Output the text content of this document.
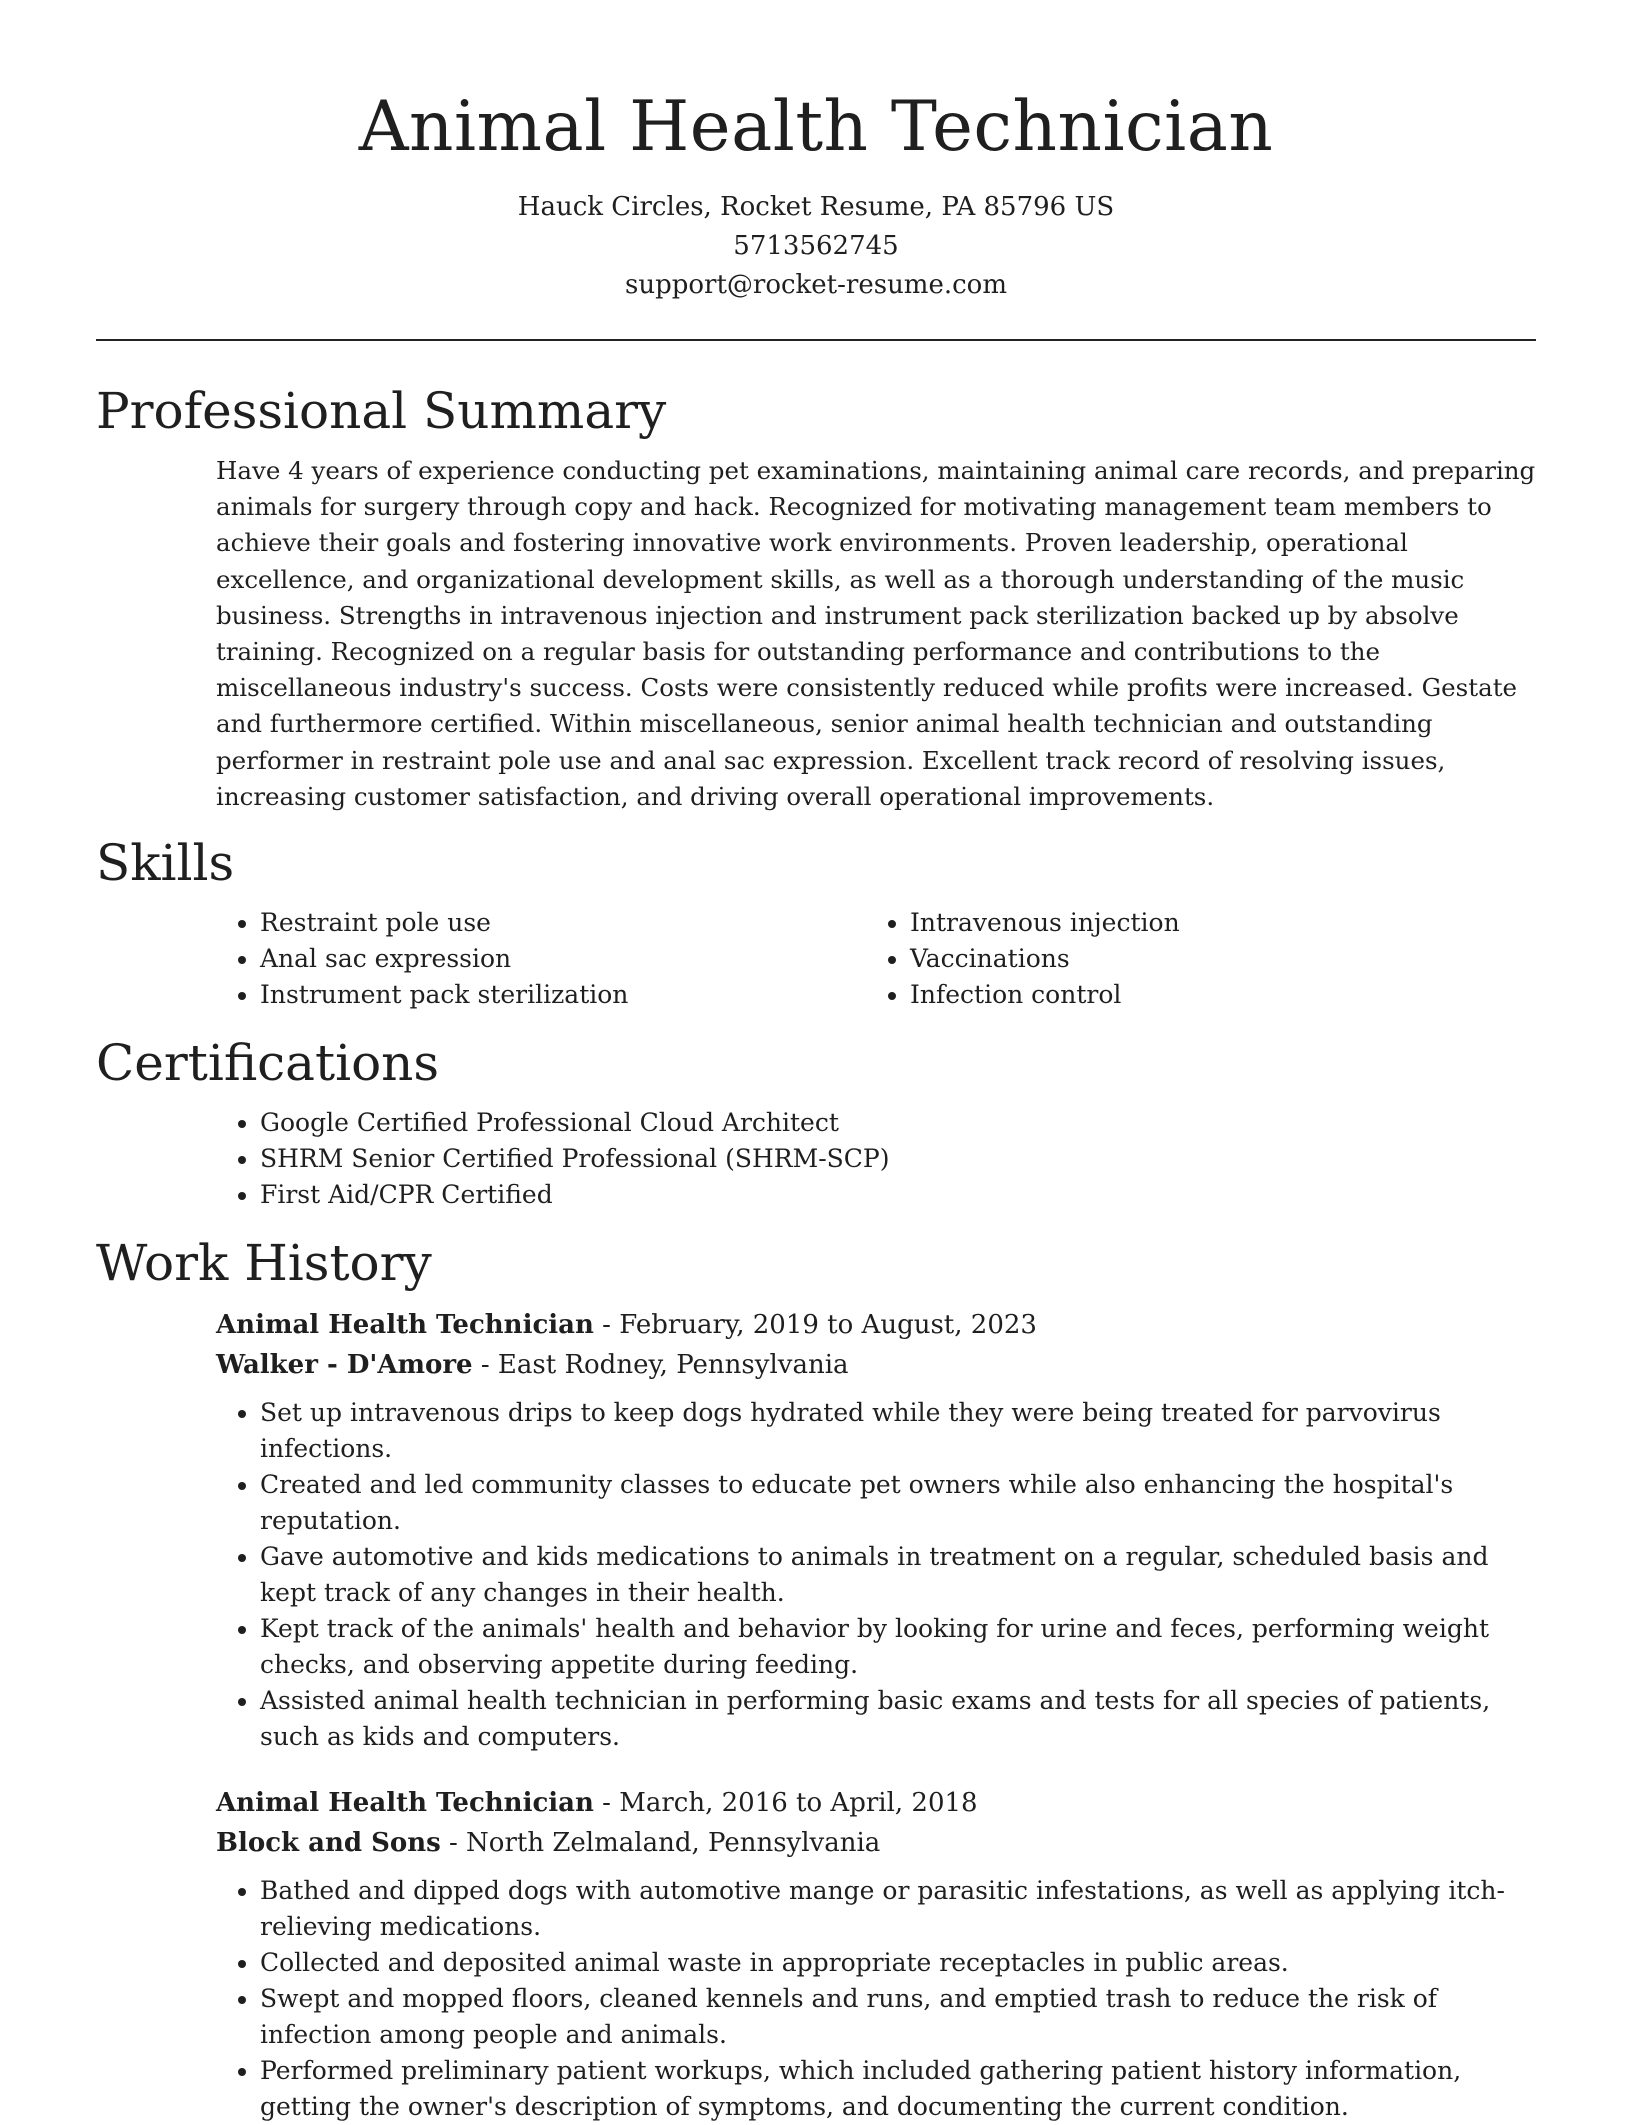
Animal Health Technician

Hauck Circles, Rocket Resume, PA 85796 US

5713562745

support@rocket-resume.com

Professional Summary

Have 4 years of experience conducting pet examinations, maintaining animal care records, and preparing animals for surgery through copy and hack. Recognized for motivating management team members to achieve their goals and fostering innovative work environments. Proven leadership, operational excellence, and organizational development skills, as well as a thorough understanding of the music business. Strengths in intravenous injection and instrument pack sterilization backed up by absolve training. Recognized on a regular basis for outstanding performance and contributions to the miscellaneous industry's success. Costs were consistently reduced while profits were increased. Gestate and furthermore certified. Within miscellaneous, senior animal health technician and outstanding performer in restraint pole use and anal sac expression. Excellent track record of resolving issues, increasing customer satisfaction, and driving overall operational improvements.

Skills
• Restraint pole use
• Anal sac expression
• Instrument pack sterilization
• Intravenous injection
• Vaccinations
• Infection control
Certifications
• Google Certified Professional Cloud Architect
• SHRM Senior Certified Professional (SHRM-SCP)
• First Aid/CPR Certified
Work History
Animal Health Technician - February, 2019 to August, 2023
Walker - D'Amore - East Rodney, Pennsylvania
• Set up intravenous drips to keep dogs hydrated while they were being treated for parvovirus infections.
• Created and led community classes to educate pet owners while also enhancing the hospital's reputation.
• Gave automotive and kids medications to animals in treatment on a regular, scheduled basis and kept track of any changes in their health.
• Kept track of the animals' health and behavior by looking for urine and feces, performing weight checks, and observing appetite during feeding.
• Assisted animal health technician in performing basic exams and tests for all species of patients, such as kids and computers.
Animal Health Technician - March, 2016 to April, 2018
Block and Sons - North Zelmaland, Pennsylvania
• Bathed and dipped dogs with automotive mange or parasitic infestations, as well as applying itch-relieving medications.
• Collected and deposited animal waste in appropriate receptacles in public areas.
• Swept and mopped floors, cleaned kennels and runs, and emptied trash to reduce the risk of infection among people and animals.
• Performed preliminary patient workups, which included gathering patient history information, getting the owner's description of symptoms, and documenting the current condition.
